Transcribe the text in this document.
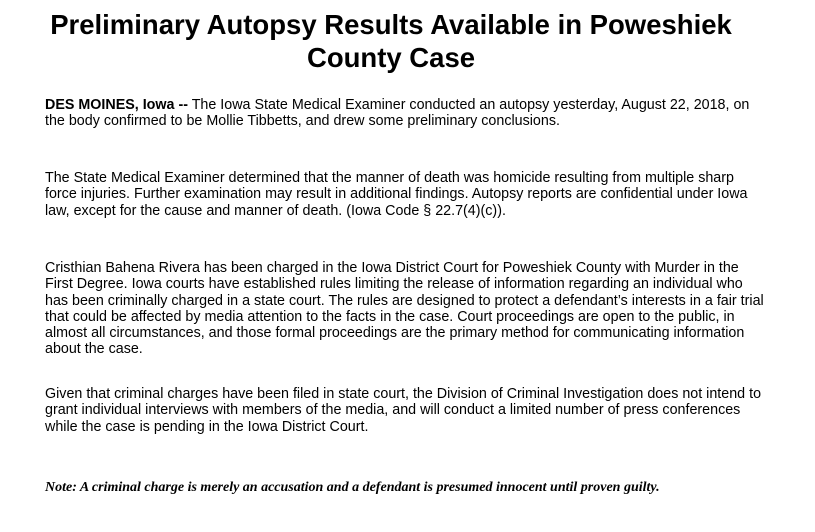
Preliminary Autopsy Results Available in Poweshiek County Case

DES MOINES, Iowa -- The Iowa State Medical Examiner conducted an autopsy yesterday, August 22, 2018, on the body confirmed to be Mollie Tibbetts, and drew some preliminary conclusions.

The State Medical Examiner determined that the manner of death was homicide resulting from multiple sharp force injuries. Further examination may result in additional findings. Autopsy reports are confidential under Iowa law, except for the cause and manner of death. (Iowa Code § 22.7(4)(c)).

Cristhian Bahena Rivera has been charged in the Iowa District Court for Poweshiek County with Murder in the First Degree. Iowa courts have established rules limiting the release of information regarding an individual who has been criminally charged in a state court. The rules are designed to protect a defendant’s interests in a fair trial that could be affected by media attention to the facts in the case. Court proceedings are open to the public, in almost all circumstances, and those formal proceedings are the primary method for communicating information about the case.

Given that criminal charges have been filed in state court, the Division of Criminal Investigation does not intend to grant individual interviews with members of the media, and will conduct a limited number of press conferences while the case is pending in the Iowa District Court.

Note: A criminal charge is merely an accusation and a defendant is presumed innocent until proven guilty.
